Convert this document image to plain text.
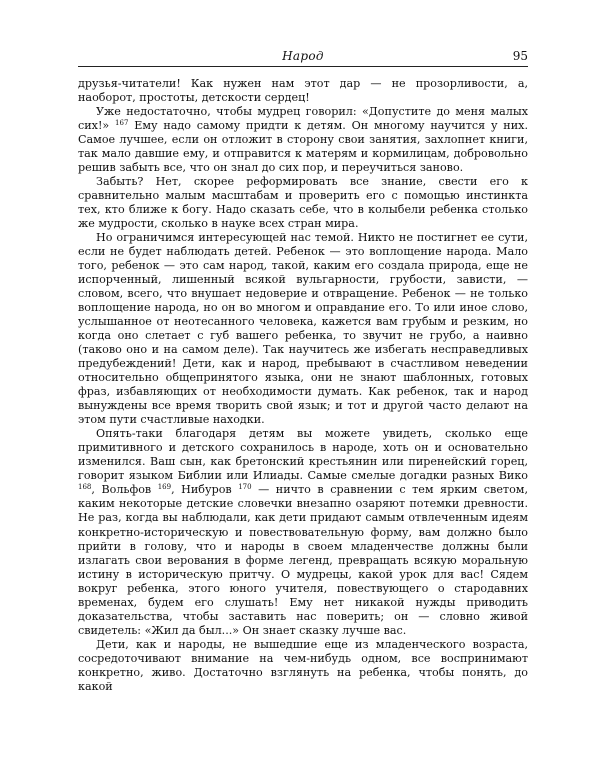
Народ	95

друзья-читатели! Как нужен нам этот дар — не прозорливости, а, наоборот, простоты, детскости сердец!

Уже недостаточно, чтобы мудрец говорил: «Допустите до меня малых сих!» $^{167}$ Ему надо самому придти к детям. Он многому научится у них. Самое лучшее, если он отложит в сторону свои занятия, захлопнет книги, так мало давшие ему, и отправится к матерям и кормилицам, добровольно решив забыть все, что он знал до сих пор, и переучиться заново.

Забыть? Нет, скорее реформировать все знание, свести его к сравнительно малым масштабам и проверить его с помощью инстинкта тех, кто ближе к богу. Надо сказать себе, что в колыбели ребенка столько же мудрости, сколько в науке всех стран мира.

Но ограничимся интересующей нас темой. Никто не постигнет ее сути, если не будет наблюдать детей. Ребенок — это воплощение народа. Мало того, ребенок — это сам народ, такой, каким его создала природа, еще не испорченный, лишенный всякой вульгарности, грубости, зависти, — словом, всего, что внушает недоверие и отвращение. Ребенок — не только воплощение народа, но он во многом и оправдание его. То или иное слово, услышанное от неотесанного человека, кажется вам грубым и резким, но когда оно слетает с губ вашего ребенка, то звучит не грубо, а наивно (таково оно и на самом деле). Так научитесь же избегать несправедливых предубеждений! Дети, как и народ, пребывают в счастливом неведении относительно общепринятого языка, они не знают шаблонных, готовых фраз, избавляющих от необходимости думать. Как ребенок, так и народ вынуждены все время творить свой язык; и тот и другой часто делают на этом пути счастливые находки.

Опять-таки благодаря детям вы можете увидеть, сколько еще примитивного и детского сохранилось в народе, хоть он и основательно изменился. Ваш сын, как бретонский крестьянин или пиренейский горец, говорит языком Библии или Илиады. Самые смелые догадки разных Вико $^{168}$, Вольфов $^{169}$, Нибуров $^{170}$ — ничто в сравнении с тем ярким светом, каким некоторые детские словечки внезапно озаряют потемки древности. Не раз, когда вы наблюдали, как дети придают самым отвлеченным идеям конкретно-историческую и повествовательную форму, вам должно было прийти в голову, что и народы в своем младенчестве должны были излагать свои верования в форме легенд, превращать всякую моральную истину в историческую притчу. О мудрецы, какой урок для вас! Сядем вокруг ребенка, этого юного учителя, повествующего о стародавних временах, будем его слушать! Ему нет никакой нужды приводить доказательства, чтобы заставить нас поверить; он — словно живой свидетель: «Жил да был...» Он знает сказку лучше вас.

Дети, как и народы, не вышедшие еще из младенческого возраста, сосредоточивают внимание на чем-нибудь одном, все воспринимают конкретно, живо. Достаточно взглянуть на ребенка, чтобы понять, до какой
